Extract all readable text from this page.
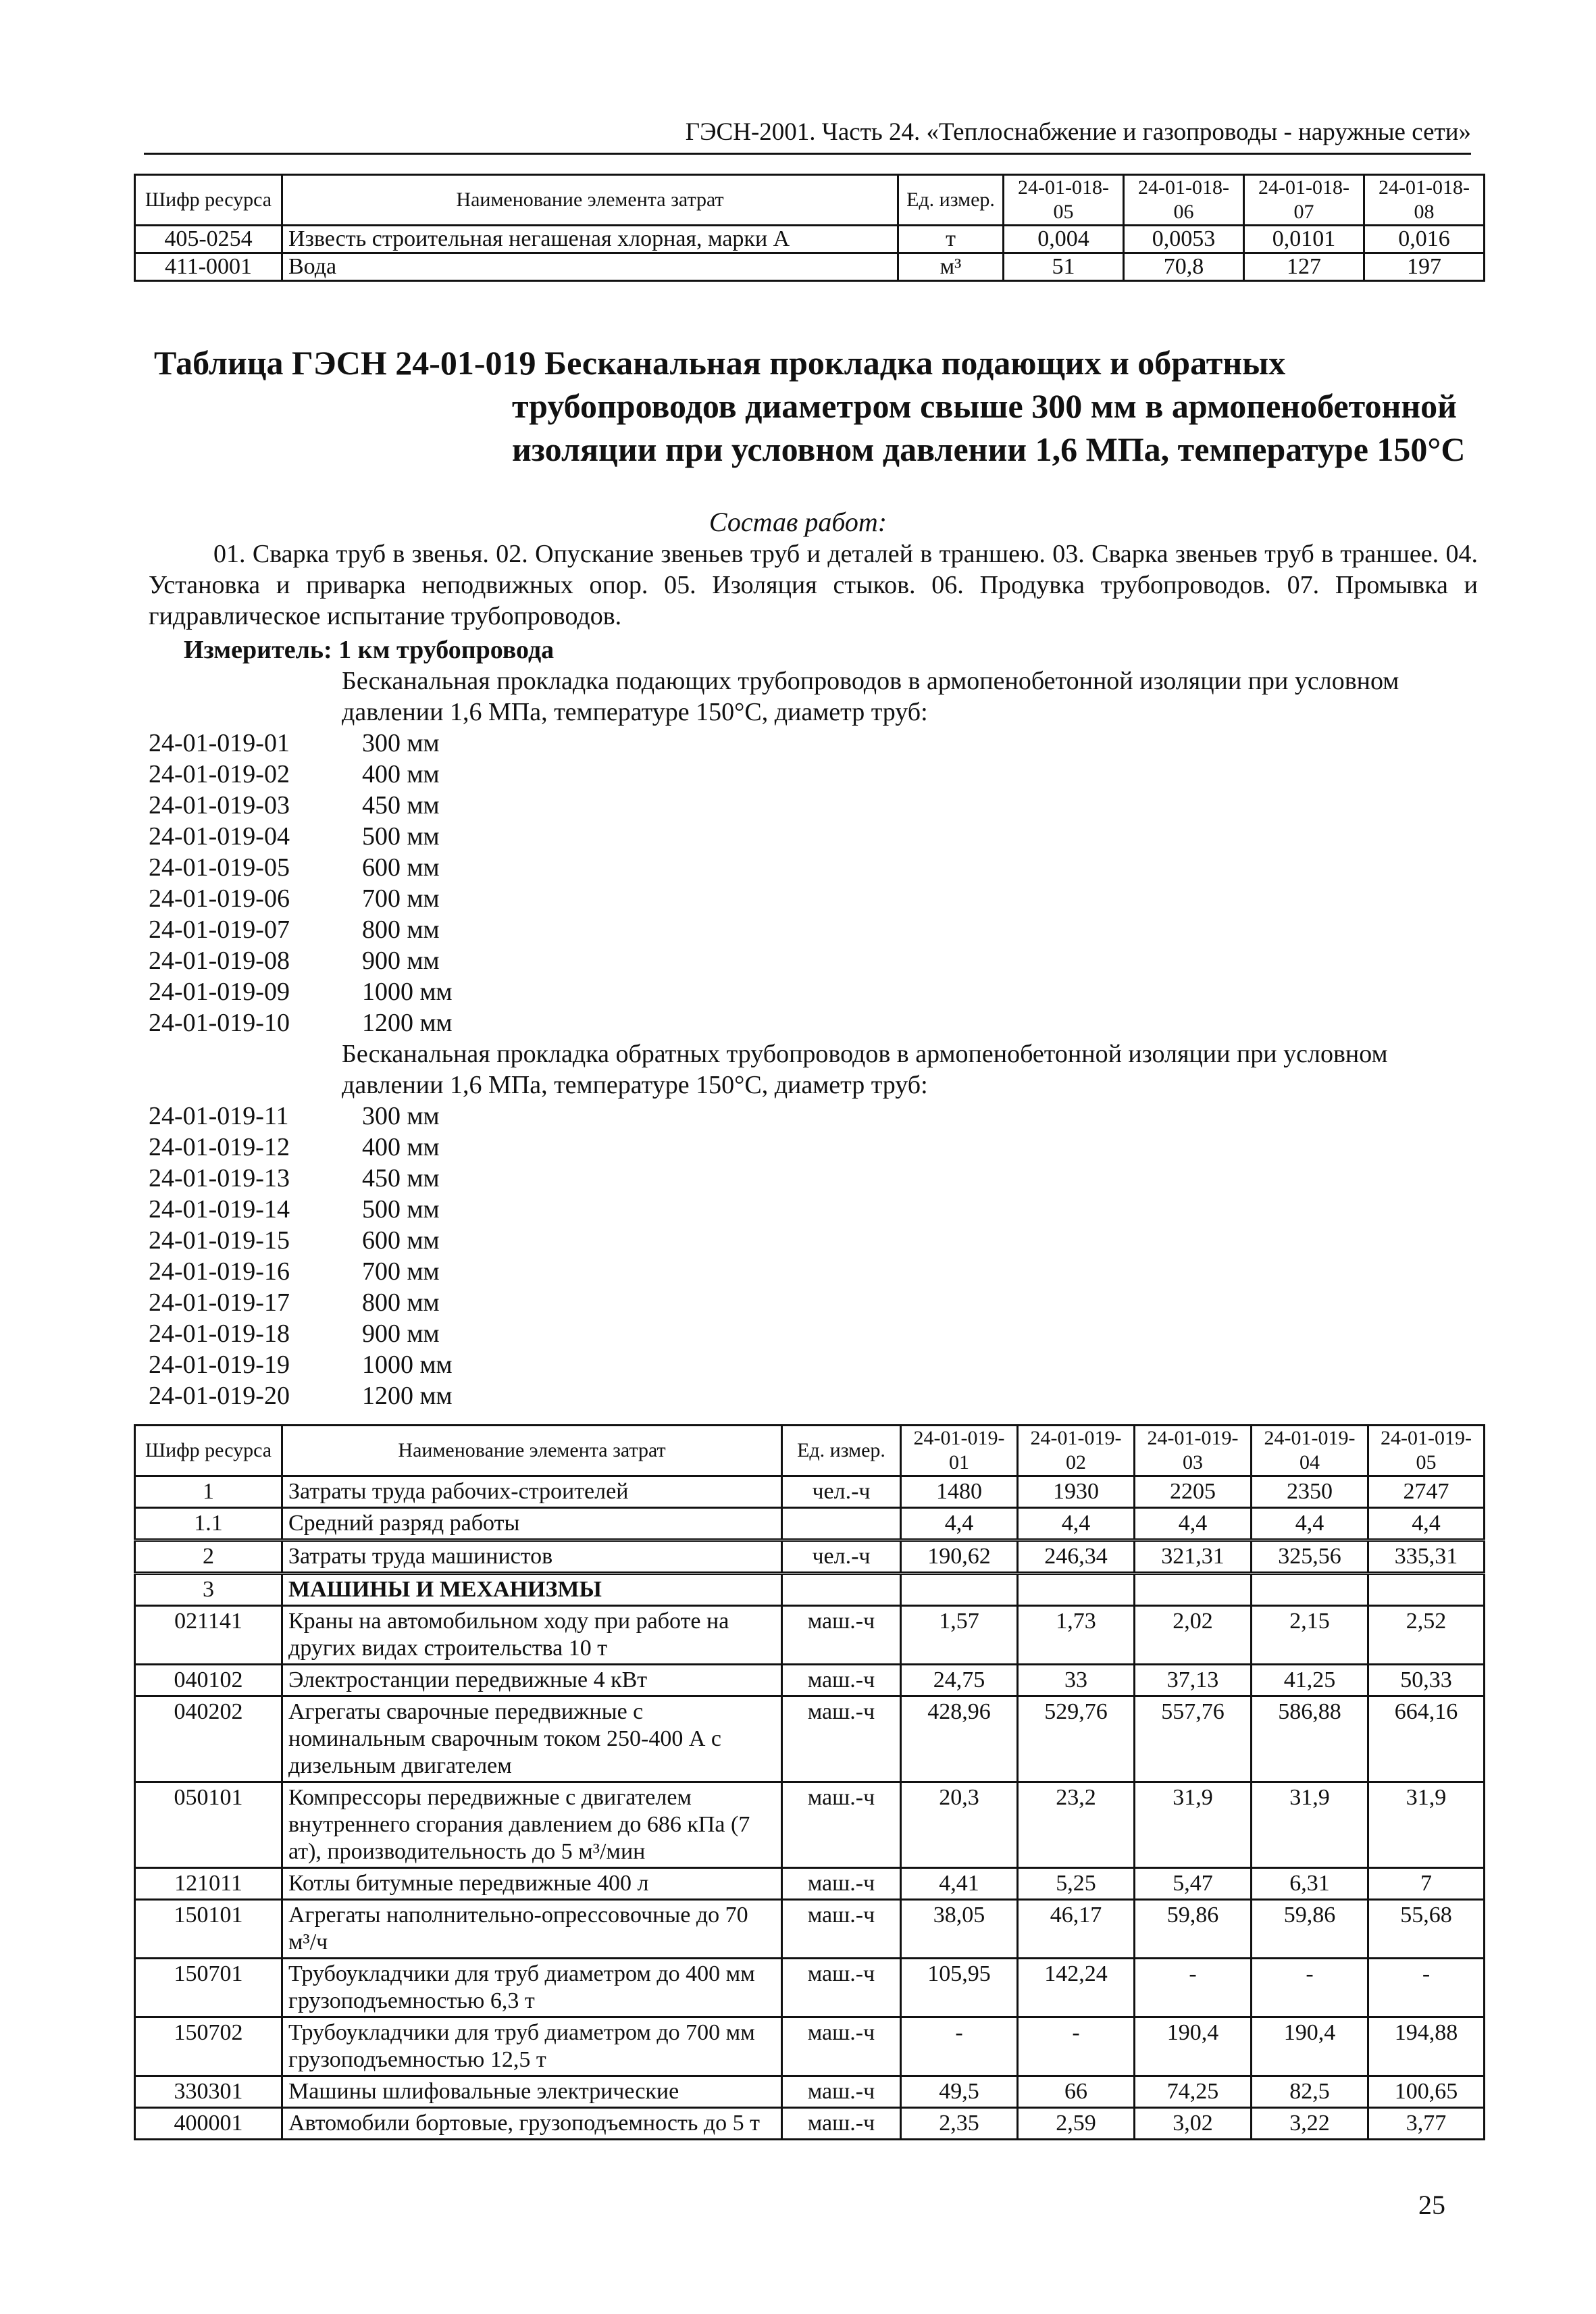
ГЭСН-2001. Часть 24. «Теплоснабжение и газопроводы - наружные сети»
Шифр ресурса	Наименование элемента затрат	Ед. измер.	24-01-018-05	24-01-018-06	24-01-018-07	24-01-018-08
405-0254	Известь строительная негашеная хлорная, марки А	т	0,004	0,0053	0,0101	0,016
411-0001	Вода	м³	51	70,8	127	197
Таблица ГЭСН 24-01-019 Бесканальная прокладка подающих и обратных
трубопроводов диаметром свыше 300 мм в армопенобетонной изоляции при условном давлении 1,6 МПа, температуре 150°С
Состав работ:
01. Сварка труб в звенья. 02. Опускание звеньев труб и деталей в траншею. 03. Сварка звеньев труб в траншее. 04. Установка и приварка неподвижных опор. 05. Изоляция стыков. 06. Продувка трубопроводов. 07. Промывка и гидравлическое испытание трубопроводов.
Измеритель: 1 км трубопровода
Бесканальная прокладка подающих трубопроводов в армопенобетонной изоляции при условном давлении 1,6 МПа, температуре 150°С, диаметр труб:
24-01-019-01	300 мм
24-01-019-02	400 мм
24-01-019-03	450 мм
24-01-019-04	500 мм
24-01-019-05	600 мм
24-01-019-06	700 мм
24-01-019-07	800 мм
24-01-019-08	900 мм
24-01-019-09	1000 мм
24-01-019-10	1200 мм
Бесканальная прокладка обратных трубопроводов в армопенобетонной изоляции при условном давлении 1,6 МПа, температуре 150°С, диаметр труб:
24-01-019-11	300 мм
24-01-019-12	400 мм
24-01-019-13	450 мм
24-01-019-14	500 мм
24-01-019-15	600 мм
24-01-019-16	700 мм
24-01-019-17	800 мм
24-01-019-18	900 мм
24-01-019-19	1000 мм
24-01-019-20	1200 мм
Шифр ресурса	Наименование элемента затрат	Ед. измер.	24-01-019-01	24-01-019-02	24-01-019-03	24-01-019-04	24-01-019-05
1	Затраты труда рабочих-строителей	чел.-ч	1480	1930	2205	2350	2747
1.1	Средний разряд работы		4,4	4,4	4,4	4,4	4,4
2	Затраты труда машинистов	чел.-ч	190,62	246,34	321,31	325,56	335,31
3	МАШИНЫ И МЕХАНИЗМЫ						
021141	Краны на автомобильном ходу при работе на других видах строительства 10 т	маш.-ч	1,57	1,73	2,02	2,15	2,52
040102	Электростанции передвижные 4 кВт	маш.-ч	24,75	33	37,13	41,25	50,33
040202	Агрегаты сварочные передвижные с номинальным сварочным током 250-400 А с дизельным двигателем	маш.-ч	428,96	529,76	557,76	586,88	664,16
050101	Компрессоры передвижные с двигателем внутреннего сгорания давлением до 686 кПа (7 ат), производительность до 5 м³/мин	маш.-ч	20,3	23,2	31,9	31,9	31,9
121011	Котлы битумные передвижные 400 л	маш.-ч	4,41	5,25	5,47	6,31	7
150101	Агрегаты наполнительно-опрессовочные до 70 м³/ч	маш.-ч	38,05	46,17	59,86	59,86	55,68
150701	Трубоукладчики для труб диаметром до 400 мм грузоподъемностью 6,3 т	маш.-ч	105,95	142,24	-	-	-
150702	Трубоукладчики для труб диаметром до 700 мм грузоподъемностью 12,5 т	маш.-ч	-	-	190,4	190,4	194,88
330301	Машины шлифовальные электрические	маш.-ч	49,5	66	74,25	82,5	100,65
400001	Автомобили бортовые, грузоподъемность до 5 т	маш.-ч	2,35	2,59	3,02	3,22	3,77
25
